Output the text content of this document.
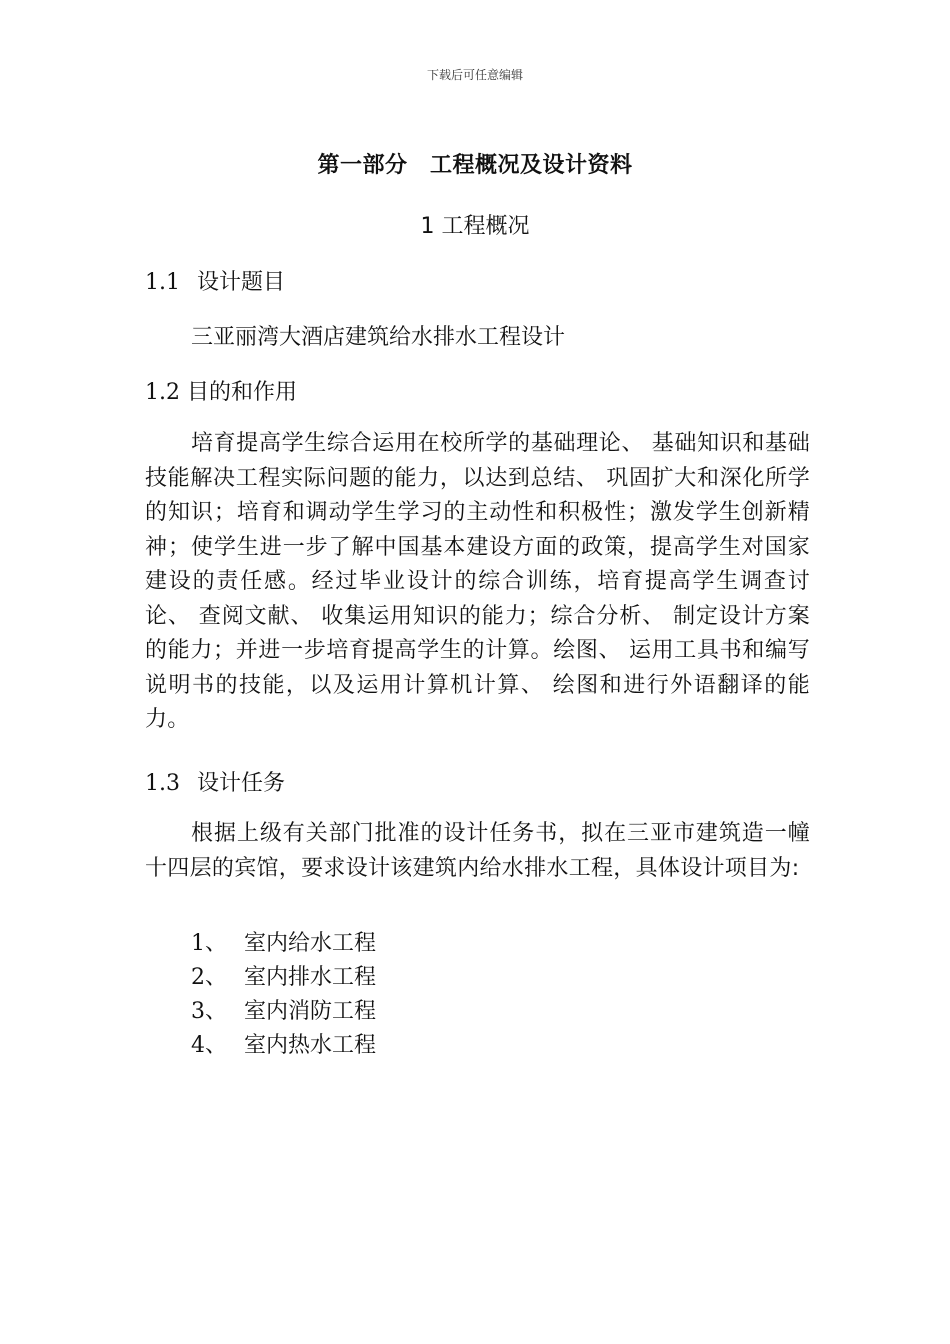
下载后可任意编辑
第一部分　工程概况及设计资料
1 工程概况
1.1 设计题目
三亚丽湾大酒店建筑给水排水工程设计
1.2 目的和作用
培育提高学生综合运用在校所学的基础理论、 基础知识和基础技能解决工程实际问题的能力，以达到总结、 巩固扩大和深化所学的知识；培育和调动学生学习的主动性和积极性；激发学生创新精神；使学生进一步了解中国基本建设方面的政策，提高学生对国家建设的责任感。经过毕业设计的综合训练，培育提高学生调查讨论、 查阅文献、 收集运用知识的能力；综合分析、 制定设计方案的能力；并进一步培育提高学生的计算。绘图、 运用工具书和编写说明书的技能，以及运用计算机计算、 绘图和进行外语翻译的能力。
1.3 设计任务
根据上级有关部门批准的设计任务书，拟在三亚市建筑造一幢十四层的宾馆，要求设计该建筑内给水排水工程，具体设计项目为:
1、 室内给水工程
2、 室内排水工程
3、 室内消防工程
4、 室内热水工程
